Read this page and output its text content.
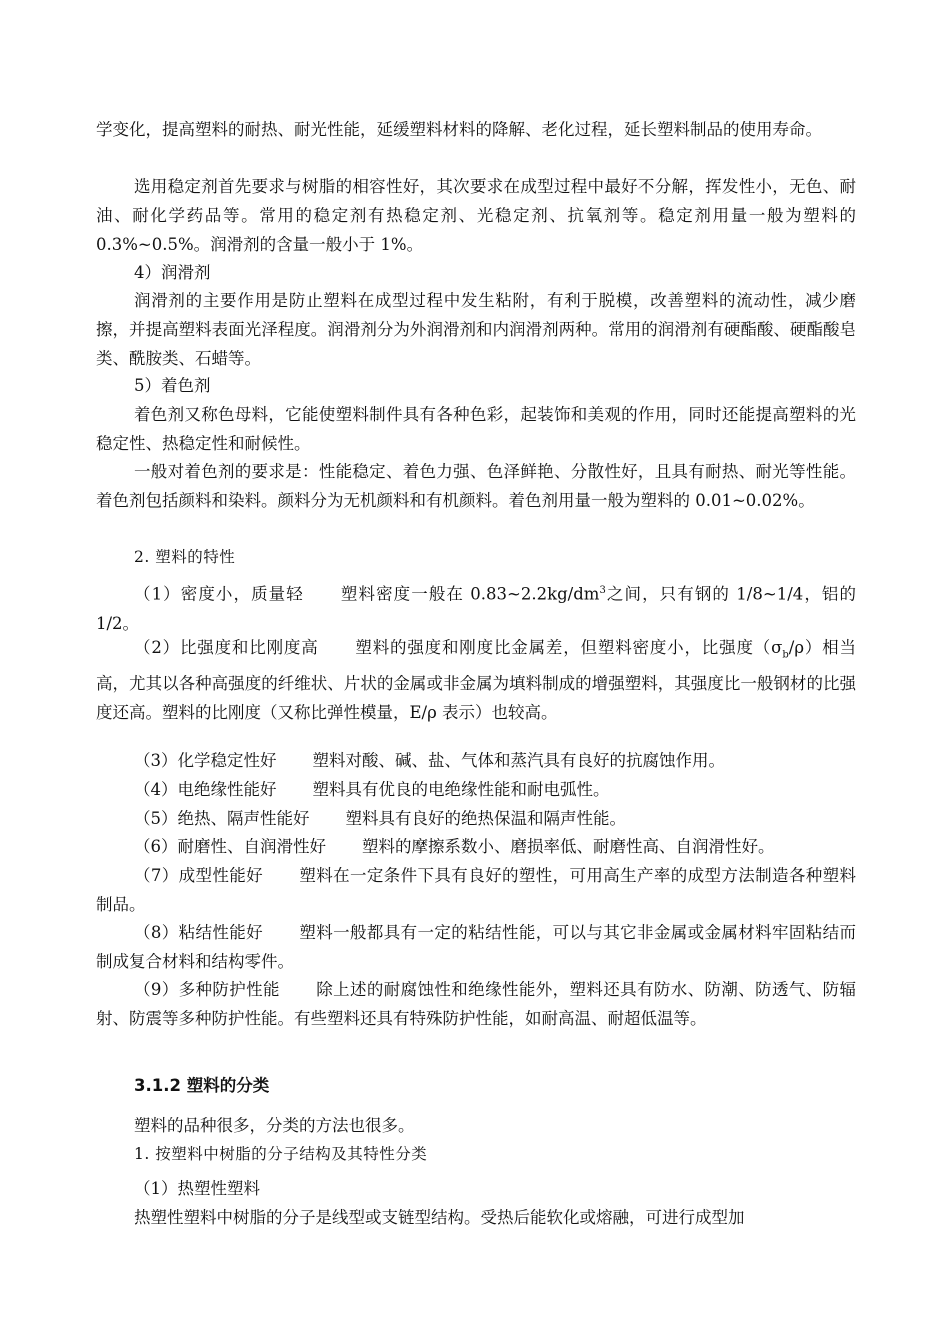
学变化，提高塑料的耐热、耐光性能，延缓塑料材料的降解、老化过程，延长塑料制品的使用寿命。

选用稳定剂首先要求与树脂的相容性好，其次要求在成型过程中最好不分解，挥发性小，无色、耐油、耐化学药品等。常用的稳定剂有热稳定剂、光稳定剂、抗氧剂等。稳定剂用量一般为塑料的 0.3%~0.5%。润滑剂的含量一般小于 1%。

4）润滑剂

润滑剂的主要作用是防止塑料在成型过程中发生粘附，有利于脱模，改善塑料的流动性，减少磨擦，并提高塑料表面光泽程度。润滑剂分为外润滑剂和内润滑剂两种。常用的润滑剂有硬酯酸、硬酯酸皂类、酰胺类、石蜡等。

5）着色剂

着色剂又称色母料，它能使塑料制件具有各种色彩，起装饰和美观的作用，同时还能提高塑料的光稳定性、热稳定性和耐候性。

一般对着色剂的要求是：性能稳定、着色力强、色泽鲜艳、分散性好，且具有耐热、耐光等性能。着色剂包括颜料和染料。颜料分为无机颜料和有机颜料。着色剂用量一般为塑料的 0.01~0.02%。

2. 塑料的特性

（1）密度小，质量轻 塑料密度一般在 $0.83\sim 2.2kg/dm^3$之间，只有钢的 1/8~1/4，铝的 1/2。

（2）比强度和比刚度高 塑料的强度和刚度比金属差，但塑料密度小，比强度$(\sigma_b/\rho)$相当高，尤其以各种高强度的纤维状、片状的金属或非金属为填料制成的增强塑料，其强度比一般钢材的比强度还高。塑料的比刚度（又称比弹性模量，E/ρ 表示）也较高。

（3）化学稳定性好 塑料对酸、碱、盐、气体和蒸汽具有良好的抗腐蚀作用。

（4）电绝缘性能好 塑料具有优良的电绝缘性能和耐电弧性。

（5）绝热、隔声性能好 塑料具有良好的绝热保温和隔声性能。

（6）耐磨性、自润滑性好 塑料的摩擦系数小、磨损率低、耐磨性高、自润滑性好。

（7）成型性能好 塑料在一定条件下具有良好的塑性，可用高生产率的成型方法制造各种塑料制品。

（8）粘结性能好 塑料一般都具有一定的粘结性能，可以与其它非金属或金属材料牢固粘结而制成复合材料和结构零件。

（9）多种防护性能 除上述的耐腐蚀性和绝缘性能外，塑料还具有防水、防潮、防透气、防辐射、防震等多种防护性能。有些塑料还具有特殊防护性能，如耐高温、耐超低温等。

3.1.2 塑料的分类

塑料的品种很多，分类的方法也很多。

1. 按塑料中树脂的分子结构及其特性分类

（1）热塑性塑料

热塑性塑料中树脂的分子是线型或支链型结构。受热后能软化或熔融，可进行成型加
